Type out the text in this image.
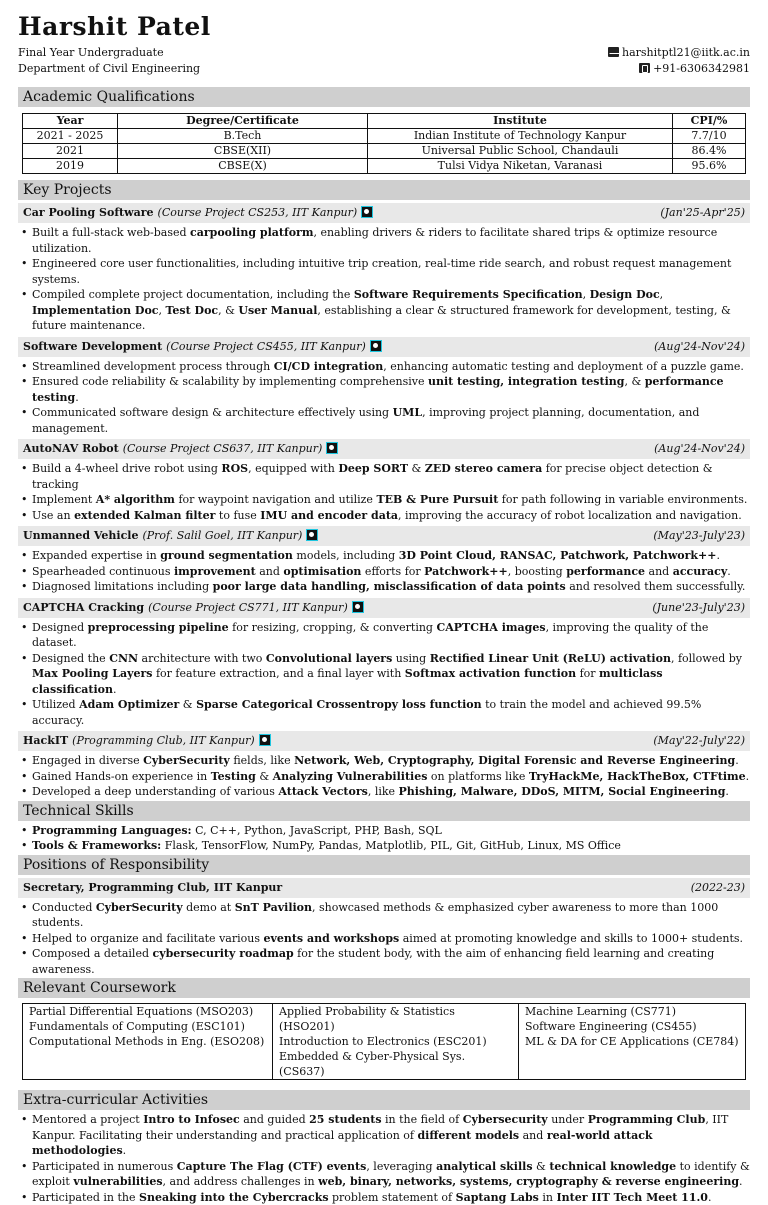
Harshit Patel
Final Year Undergraduate
Department of Civil Engineering
harshitptl21@iitk.ac.in
+91-6306342981
Academic Qualifications
Year	Degree/Certificate	Institute	CPI/%
2021 - 2025	B.Tech	Indian Institute of Technology Kanpur	7.7/10
2021	CBSE(XII)	Universal Public School, Chandauli	86.4%
2019	CBSE(X)	Tulsi Vidya Niketan, Varanasi	95.6%
Key Projects
Car Pooling Software (Course Project CS253, IIT Kanpur)	(Jan'25-Apr'25)
• Built a full-stack web-based carpooling platform, enabling drivers & riders to facilitate shared trips & optimize resource utilization.
• Engineered core user functionalities, including intuitive trip creation, real-time ride search, and robust request management systems.
• Compiled complete project documentation, including the Software Requirements Specification, Design Doc, Implementation Doc, Test Doc, & User Manual, establishing a clear & structured framework for development, testing, & future maintenance.
Software Development (Course Project CS455, IIT Kanpur)	(Aug'24-Nov'24)
• Streamlined development process through CI/CD integration, enhancing automatic testing and deployment of a puzzle game.
• Ensured code reliability & scalability by implementing comprehensive unit testing, integration testing, & performance testing.
• Communicated software design & architecture effectively using UML, improving project planning, documentation, and management.
AutoNAV Robot (Course Project CS637, IIT Kanpur)	(Aug'24-Nov'24)
• Build a 4-wheel drive robot using ROS, equipped with Deep SORT & ZED stereo camera for precise object detection & tracking
• Implement A* algorithm for waypoint navigation and utilize TEB & Pure Pursuit for path following in variable environments.
• Use an extended Kalman filter to fuse IMU and encoder data, improving the accuracy of robot localization and navigation.
Unmanned Vehicle (Prof. Salil Goel, IIT Kanpur)	(May'23-July'23)
• Expanded expertise in ground segmentation models, including 3D Point Cloud, RANSAC, Patchwork, Patchwork++.
• Spearheaded continuous improvement and optimisation efforts for Patchwork++, boosting performance and accuracy.
• Diagnosed limitations including poor large data handling, misclassification of data points and resolved them successfully.
CAPTCHA Cracking (Course Project CS771, IIT Kanpur)	(June'23-July'23)
• Designed preprocessing pipeline for resizing, cropping, & converting CAPTCHA images, improving the quality of the dataset.
• Designed the CNN architecture with two Convolutional layers using Rectified Linear Unit (ReLU) activation, followed by Max Pooling Layers for feature extraction, and a final layer with Softmax activation function for multiclass classification.
• Utilized Adam Optimizer & Sparse Categorical Crossentropy loss function to train the model and achieved 99.5% accuracy.
HackIT (Programming Club, IIT Kanpur)	(May'22-July'22)
• Engaged in diverse CyberSecurity fields, like Network, Web, Cryptography, Digital Forensic and Reverse Engineering.
• Gained Hands-on experience in Testing & Analyzing Vulnerabilities on platforms like TryHackMe, HackTheBox, CTFtime.
• Developed a deep understanding of various Attack Vectors, like Phishing, Malware, DDoS, MITM, Social Engineering.
Technical Skills
• Programming Languages: C, C++, Python, JavaScript, PHP, Bash, SQL
• Tools & Frameworks: Flask, TensorFlow, NumPy, Pandas, Matplotlib, PIL, Git, GitHub, Linux, MS Office
Positions of Responsibility
Secretary, Programming Club, IIT Kanpur	(2022-23)
• Conducted CyberSecurity demo at SnT Pavilion, showcased methods & emphasized cyber awareness to more than 1000 students.
• Helped to organize and facilitate various events and workshops aimed at promoting knowledge and skills to 1000+ students.
• Composed a detailed cybersecurity roadmap for the student body, with the aim of enhancing field learning and creating awareness.
Relevant Coursework
Partial Differential Equations (MSO203)
Fundamentals of Computing (ESC101)
Computational Methods in Eng. (ESO208)

Applied Probability & Statistics (HSO201)
Introduction to Electronics (ESC201)
Embedded & Cyber-Physical Sys. (CS637)

Machine Learning (CS771)
Software Engineering (CS455)
ML & DA for CE Applications (CE784)
Extra-curricular Activities
• Mentored a project Intro to Infosec and guided 25 students in the field of Cybersecurity under Programming Club, IIT Kanpur. Facilitating their understanding and practical application of different models and real-world attack methodologies.
• Participated in numerous Capture The Flag (CTF) events, leveraging analytical skills & technical knowledge to identify & exploit vulnerabilities, and address challenges in web, binary, networks, systems, cryptography & reverse engineering.
• Participated in the Sneaking into the Cybercracks problem statement of Saptang Labs in Inter IIT Tech Meet 11.0.
